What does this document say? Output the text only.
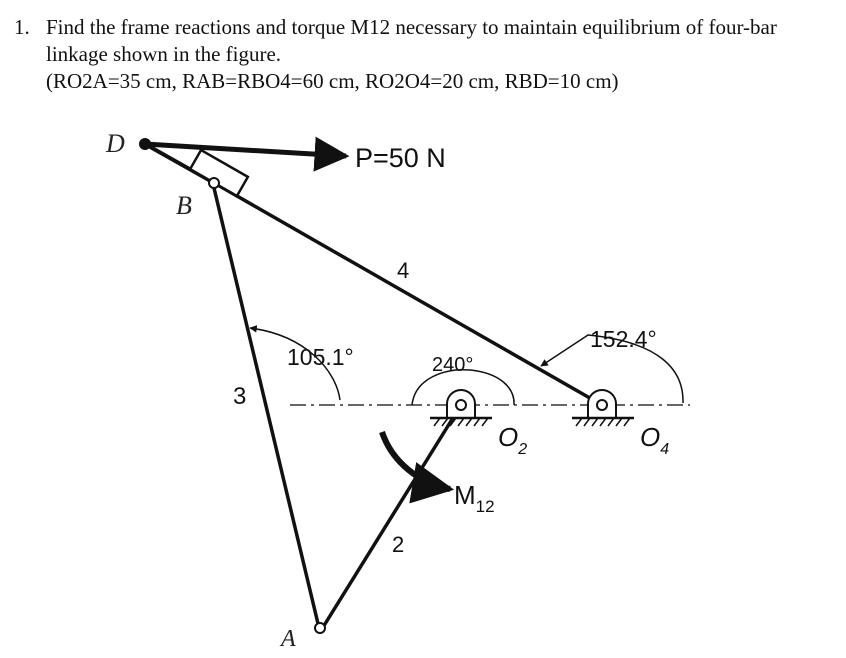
1. Find the frame reactions and torque M12 necessary to maintain equilibrium of four-bar
linkage shown in the figure.
(RO2A=35 cm, RAB=RBO4=60 cm, RO2O4=20 cm, RBD=10 cm)
D
B
A
P=50 N
4
3
2
105.1°	240°
152.4°
$O_2$	$O_4$
$M_{12}$
